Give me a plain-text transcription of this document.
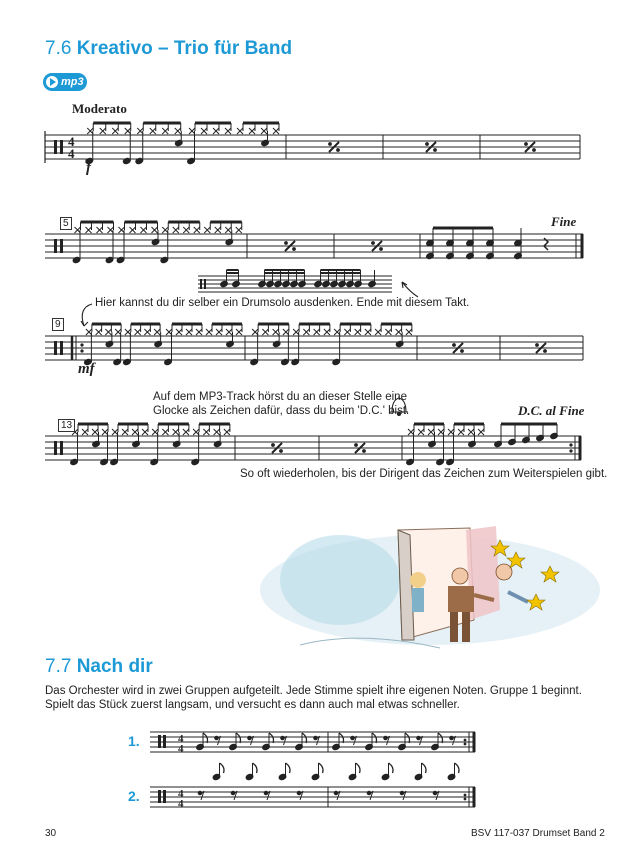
7.6 Kreativo – Trio für Band
mp3
Moderato
4
4
4
4
4
4
f
5	Fine
Hier kannst du dir selber ein Drumsolo ausdenken. Ende mit diesem Takt.
9
mf
Auf dem MP3-Track hörst du an dieser Stelle eine
Glocke als Zeichen dafür, dass du beim 'D.C.' bist.	D.C. al Fine
13
So oft wiederholen, bis der Dirigent das Zeichen zum Weiterspielen gibt.
7.7 Nach dir
Das Orchester wird in zwei Gruppen aufgeteilt. Jede Stimme spielt ihre eigenen Noten. Gruppe 1 beginnt. Spielt das Stück zuerst langsam, und versucht es dann auch mal etwas schneller.
1.
2.
30	BSV 117-037 Drumset Band 2
